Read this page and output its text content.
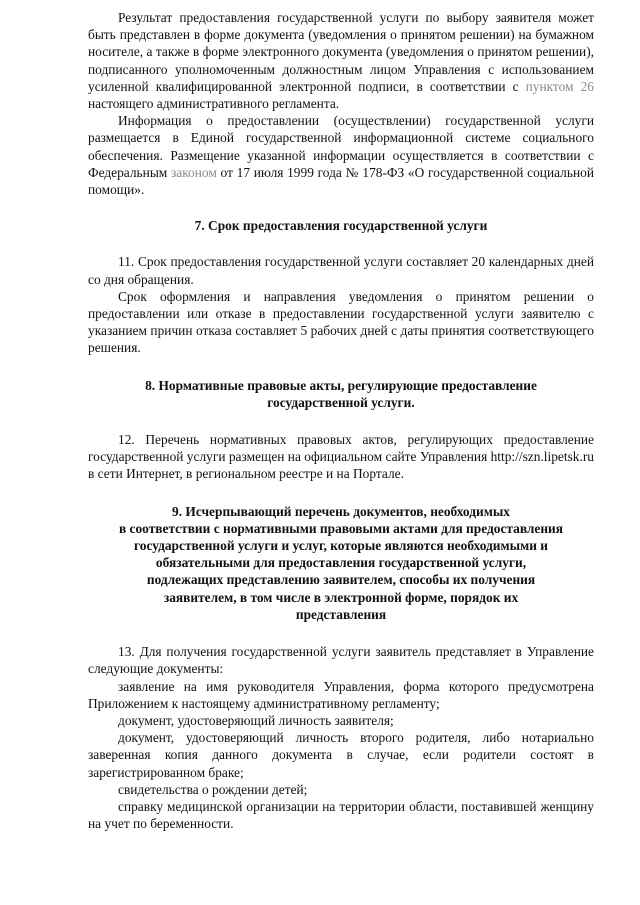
Результат предоставления государственной услуги по выбору заявителя может быть представлен в форме документа (уведомления о принятом решении) на бумажном носителе, а также в форме электронного документа (уведомления о принятом решении), подписанного уполномоченным должностным лицом Управления с использованием усиленной квалифицированной электронной подписи, в соответствии с пунктом 26 настоящего административного регламента.

Информация о предоставлении (осуществлении) государственной услуги размещается в Единой государственной информационной системе социального обеспечения. Размещение указанной информации осуществляется в соответствии с Федеральным законом от 17 июля 1999 года № 178-ФЗ «О государственной социальной помощи».

7. Срок предоставления государственной услуги

11. Срок предоставления государственной услуги составляет 20 календарных дней со дня обращения.

Срок оформления и направления уведомления о принятом решении о предоставлении или отказе в предоставлении государственной услуги заявителю с указанием причин отказа составляет 5 рабочих дней с даты принятия соответствующего решения.

8. Нормативные правовые акты, регулирующие предоставление
государственной услуги.

12. Перечень нормативных правовых актов, регулирующих предоставление государственной услуги размещен на официальном сайте Управления http://szn.lipetsk.ru в сети Интернет, в региональном реестре и на Портале.

9. Исчерпывающий перечень документов, необходимых
в соответствии с нормативными правовыми актами для предоставления
государственной услуги и услуг, которые являются необходимыми и
обязательными для предоставления государственной услуги,
подлежащих представлению заявителем, способы их получения
заявителем, в том числе в электронной форме, порядок их
представления

13. Для получения государственной услуги заявитель представляет в Управление следующие документы:

заявление на имя руководителя Управления, форма которого предусмотрена Приложением к настоящему административному регламенту;

документ, удостоверяющий личность заявителя;

документ, удостоверяющий личность второго родителя, либо нотариально заверенная копия данного документа в случае, если родители состоят в зарегистрированном браке;

свидетельства о рождении детей;

справку медицинской организации на территории области, поставившей женщину на учет по беременности.
